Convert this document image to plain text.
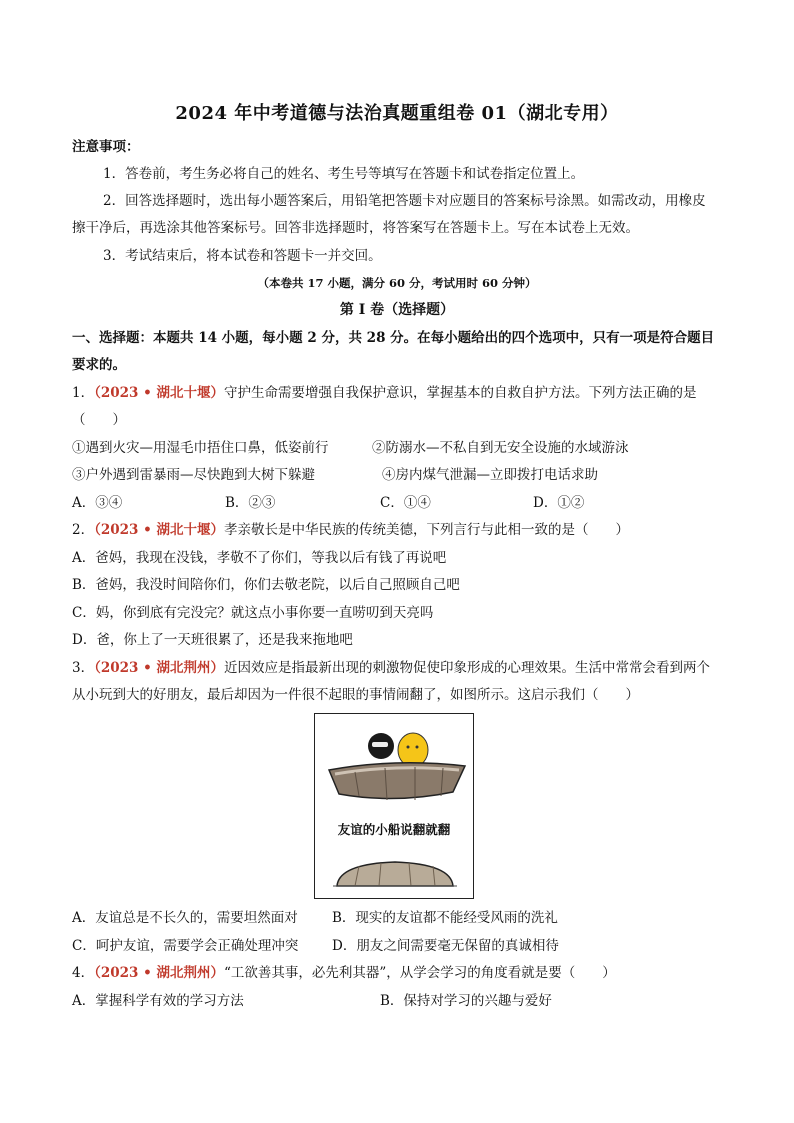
2024 年中考道德与法治真题重组卷 01（湖北专用）
注意事项：
1．答卷前，考生务必将自己的姓名、考生号等填写在答题卡和试卷指定位置上。
2．回答选择题时，选出每小题答案后，用铅笔把答题卡对应题目的答案标号涂黑。如需改动，用橡皮
擦干净后，再选涂其他答案标号。回答非选择题时，将答案写在答题卡上。写在本试卷上无效。
3．考试结束后，将本试卷和答题卡一并交回。
（本卷共 17 小题，满分 60 分，考试用时 60 分钟）
第 I 卷（选择题）
一、选择题：本题共 14 小题，每小题 2 分，共 28 分。在每小题给出的四个选项中，只有一项是符合题目
要求的。
1．（2023 • 湖北十堰）守护生命需要增强自我保护意识，掌握基本的自救自护方法。下列方法正确的是
（　　）
①遇到火灾—用湿毛巾捂住口鼻，低姿前行	②防溺水—不私自到无安全设施的水域游泳
③户外遇到雷暴雨—尽快跑到大树下躲避	④房内煤气泄漏—立即拨打电话求助
A．③④	B．②③	C．①④	D．①②
2．（2023 • 湖北十堰）孝亲敬长是中华民族的传统美德，下列言行与此相一致的是（　　）
A．爸妈，我现在没钱，孝敬不了你们，等我以后有钱了再说吧
B．爸妈，我没时间陪你们，你们去敬老院，以后自己照顾自己吧
C．妈，你到底有完没完？就这点小事你要一直唠叨到天亮吗
D．爸，你上了一天班很累了，还是我来拖地吧
3．（2023 • 湖北荆州）近因效应是指最新出现的刺激物促使印象形成的心理效果。生活中常常会看到两个
从小玩到大的好朋友，最后却因为一件很不起眼的事情闹翻了，如图所示。这启示我们（　　）
友谊的小船说翻就翻
A．友谊总是不长久的，需要坦然面对	B．现实的友谊都不能经受风雨的洗礼
C．呵护友谊，需要学会正确处理冲突 D．朋友之间需要毫无保留的真诚相待
4．（2023 • 湖北荆州）“工欲善其事，必先利其器”，从学会学习的角度看就是要（　　）
A．掌握科学有效的学习方法	B．保持对学习的兴趣与爱好
